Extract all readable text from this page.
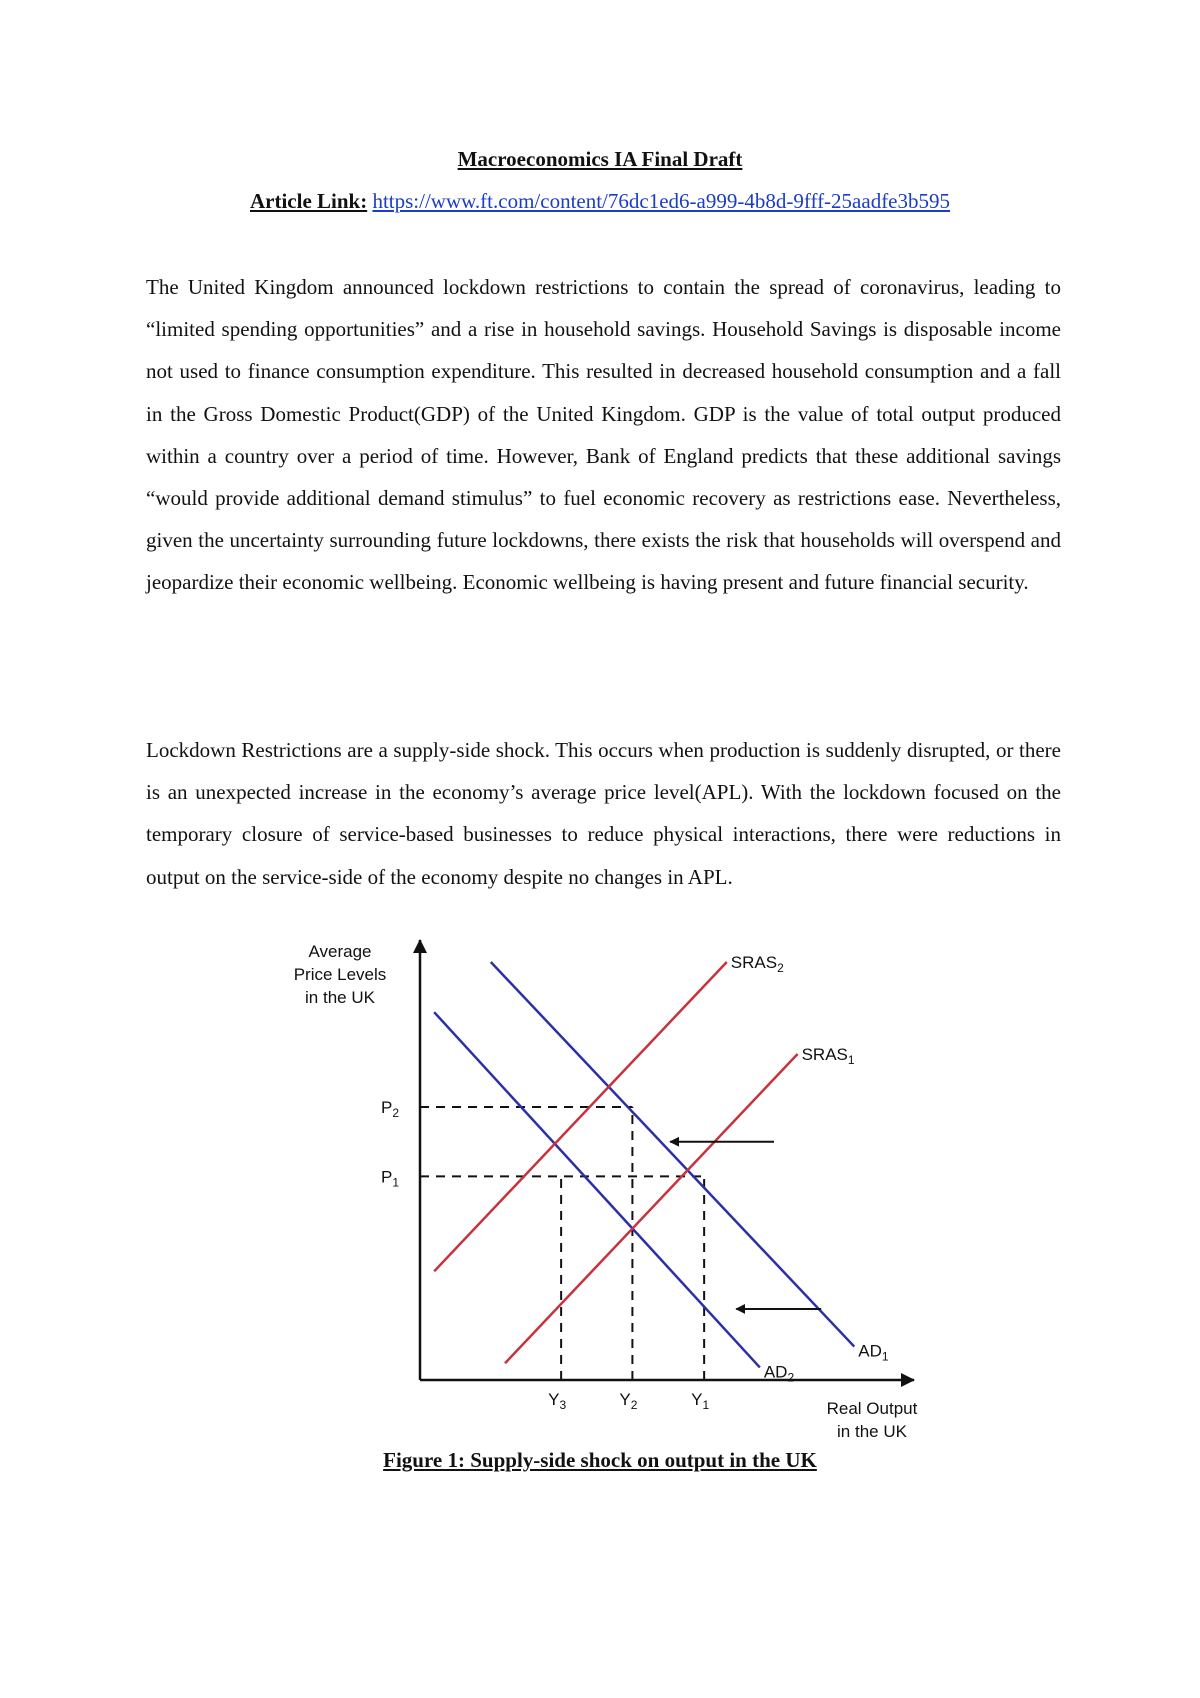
Macroeconomics IA Final Draft
Article Link: https://www.ft.com/content/76dc1ed6-a999-4b8d-9fff-25aadfe3b595

The United Kingdom announced lockdown restrictions to contain the spread of coronavirus, leading to “limited spending opportunities” and a rise in household savings. Household Savings is disposable income not used to finance consumption expenditure. This resulted in decreased household consumption and a fall in the Gross Domestic Product(GDP) of the United Kingdom. GDP is the value of total output produced within a country over a period of time. However, Bank of England predicts that these additional savings “would provide additional demand stimulus” to fuel economic recovery as restrictions ease. Nevertheless, given the uncertainty surrounding future lockdowns, there exists the risk that households will overspend and jeopardize their economic wellbeing. Economic wellbeing is having present and future financial security.

Lockdown Restrictions are a supply-side shock. This occurs when production is suddenly disrupted, or there is an unexpected increase in the economy’s average price level(APL). With the lockdown focused on the temporary closure of service-based businesses to reduce physical interactions, there were reductions in output on the service-side of the economy despite no changes in APL.

Average
Price Levels
in the UK
Real Output
in the UK
$P_2$
$P_1$
$Y_3$	$Y_2$	$Y_1$
$AD_1$
$AD_2$
$SRAS_2$
$SRAS_1$
Figure 1: Supply-side shock on output in the UK
